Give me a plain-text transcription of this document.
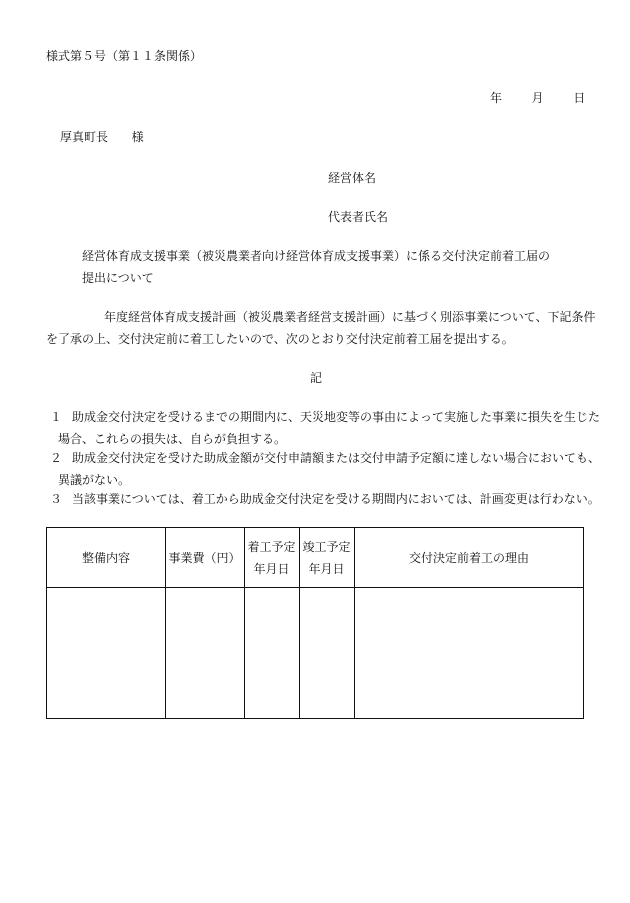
様式第５号（第１１条関係）
年 月 日
厚真町長 様
経営体名
代表者氏名
経営体育成支援事業（被災農業者向け経営体育成支援事業）に係る交付決定前着工届の
提出について
年度経営体育成支援計画（被災農業者経営支援計画）に基づく別添事業について、下記条件
を了承の上、交付決定前に着工したいので、次のとおり交付決定前着工届を提出する。
記
１ 助成金交付決定を受けるまでの期間内に、天災地変等の事由によって実施した事業に損失を生じた
場合、これらの損失は、自らが負担する。
２ 助成金交付決定を受けた助成金額が交付申請額または交付申請予定額に達しない場合においても、
異議がない。
３ 当該事業については、着工から助成金交付決定を受ける期間内においては、計画変更は行わない。
整備内容	事業費（円）
着工予定
年月日
竣工予定
年月日
交付決定前着工の理由
